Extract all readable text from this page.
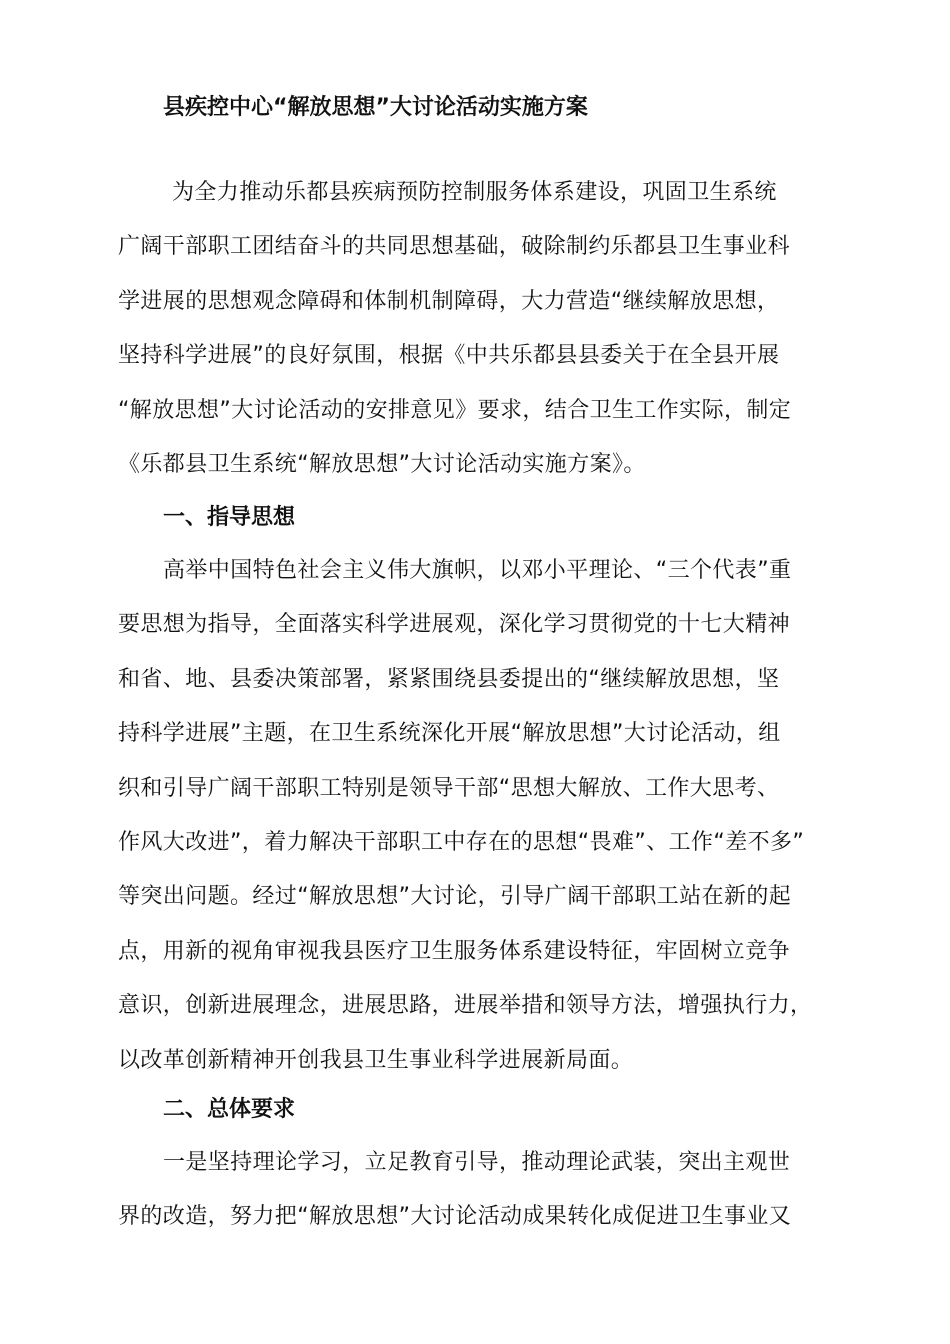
县疾控中心“解放思想”大讨论活动实施方案
为全力推动乐都县疾病预防控制服务体系建设，巩固卫生系统
广阔干部职工团结奋斗的共同思想基础，破除制约乐都县卫生事业科
学进展的思想观念障碍和体制机制障碍，大力营造“继续解放思想，
坚持科学进展”的良好氛围，根据《中共乐都县县委关于在全县开展
“解放思想”大讨论活动的安排意见》要求，结合卫生工作实际，制定
《乐都县卫生系统“解放思想”大讨论活动实施方案》。
一、指导思想
高举中国特色社会主义伟大旗帜，以邓小平理论、“三个代表”重
要思想为指导，全面落实科学进展观，深化学习贯彻党的十七大精神
和省、地、县委决策部署，紧紧围绕县委提出的“继续解放思想，坚
持科学进展”主题，在卫生系统深化开展“解放思想”大讨论活动，组
织和引导广阔干部职工特别是领导干部“思想大解放、工作大思考、
作风大改进”，着力解决干部职工中存在的思想“畏难”、工作“差不多”
等突出问题。经过“解放思想”大讨论，引导广阔干部职工站在新的起
点，用新的视角审视我县医疗卫生服务体系建设特征，牢固树立竞争
意识，创新进展理念，进展思路，进展举措和领导方法，增强执行力，
以改革创新精神开创我县卫生事业科学进展新局面。
二、总体要求
一是坚持理论学习，立足教育引导，推动理论武装，突出主观世
界的改造，努力把“解放思想”大讨论活动成果转化成促进卫生事业又
